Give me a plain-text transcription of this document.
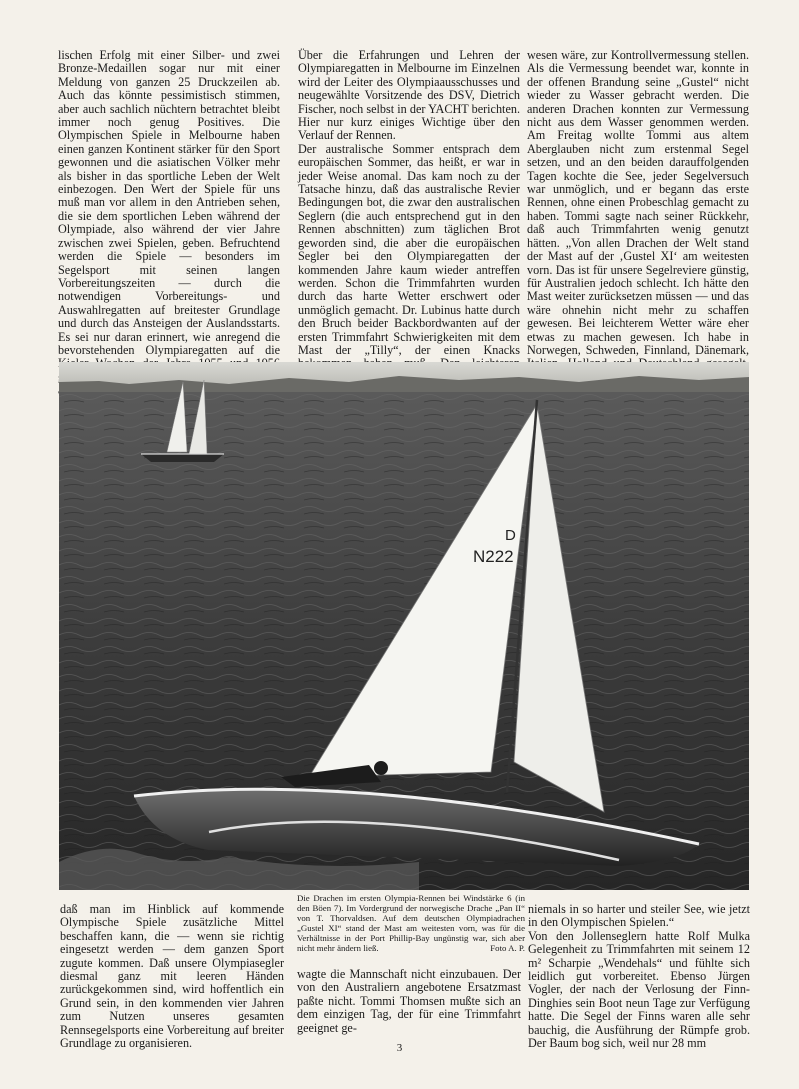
lischen Erfolg mit einer Silber- und zwei Bronze-Medaillen sogar nur mit einer Meldung von ganzen 25 Druckzeilen ab. Auch das könnte pessimistisch stimmen, aber auch sachlich nüchtern betrachtet bleibt immer noch genug Positives. Die Olympischen Spiele in Melbourne haben einen ganzen Kontinent stärker für den Sport gewonnen und die asiatischen Völker mehr als bisher in das sportliche Leben der Welt einbezogen. Den Wert der Spiele für uns muß man vor allem in den Antrieben sehen, die sie dem sportlichen Leben während der Olympiade, also während der vier Jahre zwischen zwei Spielen, geben. Befruchtend werden die Spiele — besonders im Segelsport mit seinen langen Vorbereitungszeiten — durch die notwendigen Vorbereitungs- und Auswahlregatten auf breitester Grundlage und durch das Ansteigen der Auslandsstarts. Es sei nur daran erinnert, wie anregend die bevorstehenden Olympiaregatten auf die
Über die Erfahrungen und Lehren der Olympiaregatten in Melbourne im Einzelnen wird der Leiter des Olympiaausschusses und neugewählte Vorsitzende des DSV, Dietrich Fischer, noch selbst in der YACHT berichten. Hier nur kurz einiges Wichtige über den Verlauf der Rennen.
Der australische Sommer entsprach dem europäischen Sommer, das heißt, er war in jeder Weise anomal. Das kam noch zu der Tatsache hinzu, daß das australische Revier Bedingungen bot, die zwar den australischen Seglern (die auch entsprechend gut in den Rennen abschnitten) zum täglichen Brot geworden sind, die aber die europäischen Segler bei den Olympiaregatten der kommenden Jahre kaum wieder antreffen werden. Schon die Trimmfahrten wurden durch das harte Wetter erschwert oder unmöglich gemacht. Dr. Lubinus hatte durch den Bruch beider Backbordwanten auf der ersten Trimmfahrt Schwierigkeiten mit dem Mast der „Tilly“, der einen Knacks
wesen wäre, zur Kontrollvermessung stellen. Als die Vermessung beendet war, konnte in der offenen Brandung seine „Gustel“ nicht wieder zu Wasser gebracht werden. Die anderen Drachen konnten zur Vermessung nicht aus dem Wasser genommen werden. Am Freitag wollte Tommi aus altem Aberglauben nicht zum erstenmal Segel setzen, und an den beiden darauffolgenden Tagen kochte die See, jeder Segelversuch war unmöglich, und er begann das erste Rennen, ohne einen Probeschlag gemacht zu haben. Tommi sagte nach seiner Rückkehr, daß auch Trimmfahrten wenig genutzt hätten. „Von allen Drachen der Welt stand der Mast auf der ‚Gustel XI‘ am weitesten vorn. Das ist für unsere Segelreviere günstig, für Australien jedoch schlecht. Ich hätte den Mast weiter zurücksetzen müssen — und das wäre ohnehin nicht mehr zu schaffen gewesen. Bei leichterem Wetter wäre eher etwas zu machen gewesen. Ich habe in Norwegen, Schweden, Finnland, Dänemark,
D
N222
Die Drachen im ersten Olympia-Rennen bei Windstärke 6 (in den Böen 7). Im Vordergrund der norwegische Drache „Pan II“ von T. Thorvaldsen. Auf dem deutschen Olympiadrachen „Gustel XI“ stand der Mast am weitesten vorn, was für die Verhältnisse in der Port Phillip-Bay ungünstig war, sich aber nicht mehr ändern ließ.	Foto A. P.
daß man im Hinblick auf kommende Olympische Spiele zusätzliche Mittel beschaffen kann, die — wenn sie richtig eingesetzt werden — dem ganzen Sport zugute kommen. Daß unsere Olympiasegler diesmal ganz mit leeren Händen zurückgekommen sind, wird hoffentlich ein Grund sein, in den kommenden vier Jahren zum Nutzen unseres gesamten Rennsegelsports eine Vorbereitung auf breiter Grundlage zu organisieren.
wagte die Mannschaft nicht einzubauen. Der von den Australiern angebotene Ersatzmast paßte nicht. Tommi Thomsen mußte sich an dem einzigen Tag, der für eine Trimmfahrt geeignet ge-
niemals in so harter und steiler See, wie jetzt in den Olympischen Spielen.“
Von den Jollenseglern hatte Rolf Mulka Gelegenheit zu Trimmfahrten mit seinem 12 m² Scharpie „Wendehals“ und fühlte sich leidlich gut vorbereitet. Ebenso Jürgen Vogler, der nach der Verlosung der Finn-Dinghies sein Boot neun Tage zur Verfügung hatte. Die Segel der Finns waren alle sehr bauchig, die Ausführung der Rümpfe grob. Der Baum bog sich, weil nur 28 mm
3
